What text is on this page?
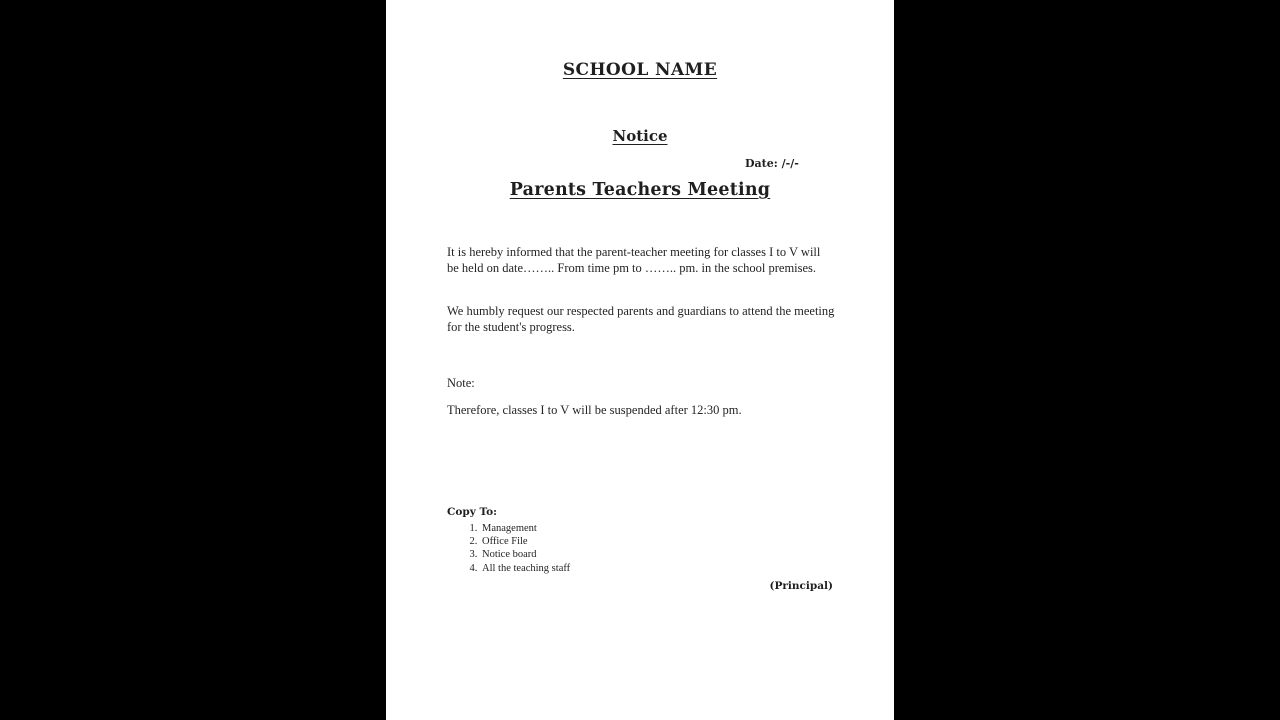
SCHOOL NAME
Notice
Date: /-/-
Parents Teachers Meeting
It is hereby informed that the parent-teacher meeting for classes I to V will be held on date…….. From time pm to …….. pm. in the school premises.
We humbly request our respected parents and guardians to attend the meeting for the student's progress.
Note:
Therefore, classes I to V will be suspended after 12:30 pm.
Copy To:
1. Management
2. Office File
3. Notice board
4. All the teaching staff
(Principal)
